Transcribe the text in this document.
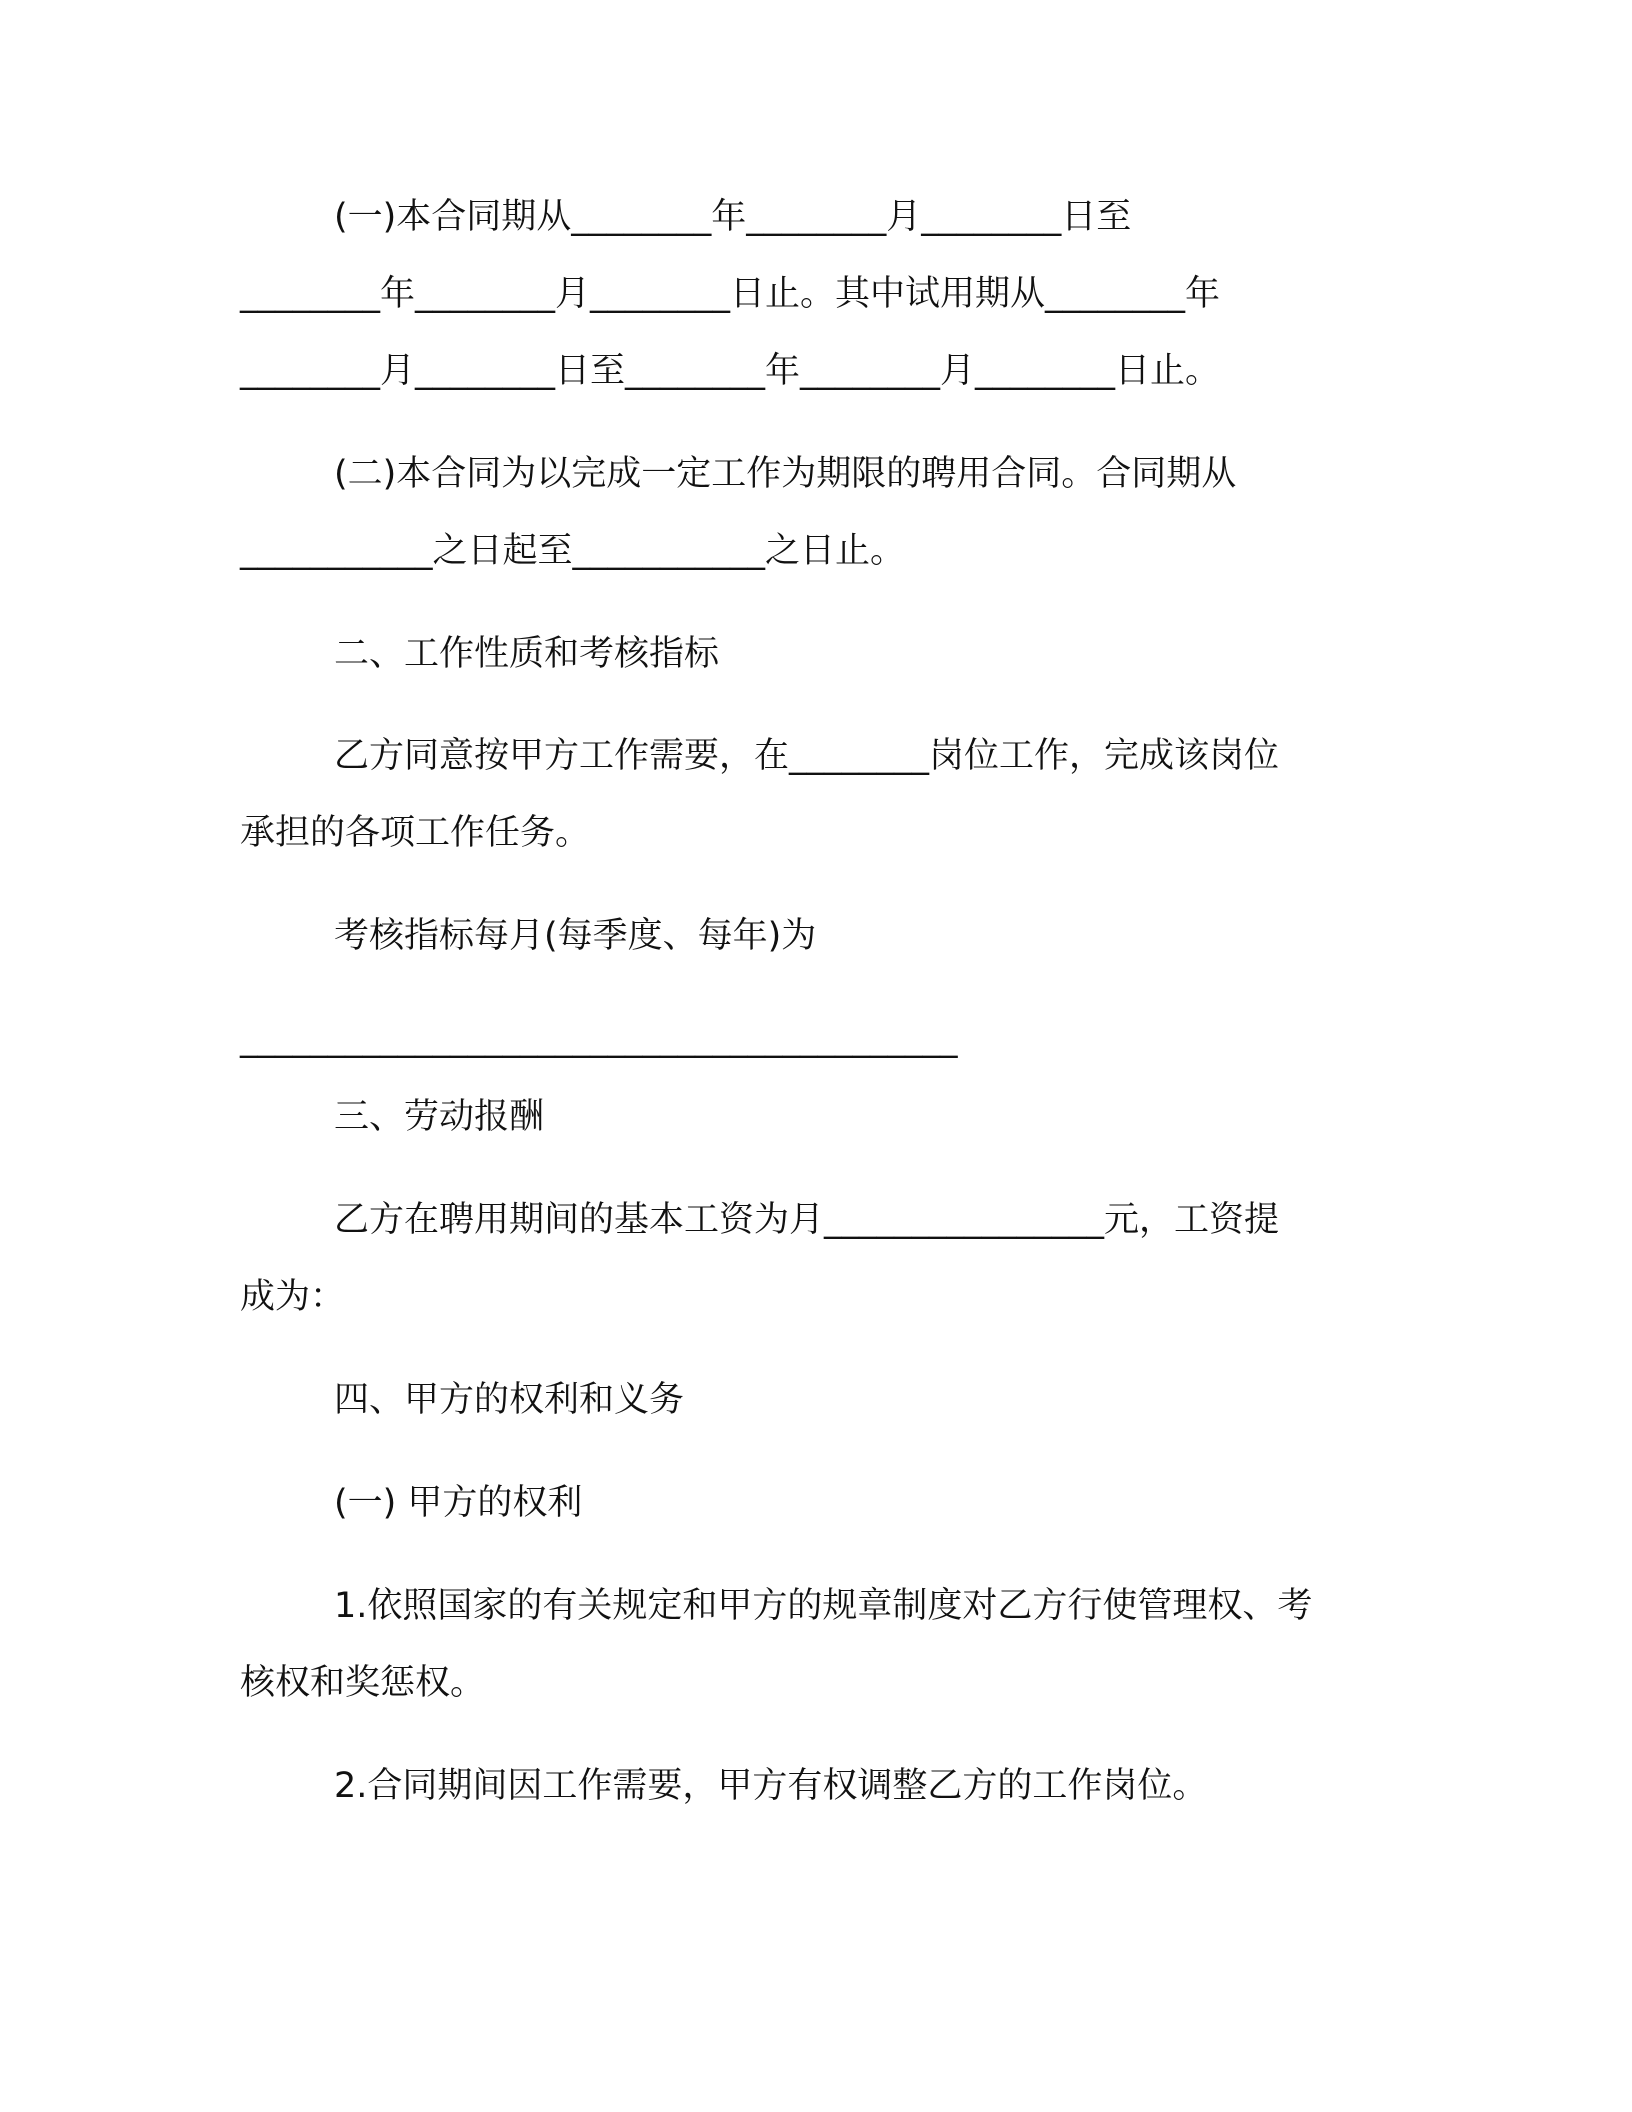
(一)本合同期从________年________月________日至
________年________月________日止。其中试用期从________年
________月________日至________年________月________日止。
(二)本合同为以完成一定工作为期限的聘用合同。合同期从
___________之日起至___________之日止。
二、工作性质和考核指标
乙方同意按甲方工作需要，在________岗位工作，完成该岗位
承担的各项工作任务。
考核指标每月(每季度、每年)为
_________________________________________
三、劳动报酬
乙方在聘用期间的基本工资为月________________元，工资提
成为：
四、甲方的权利和义务
(一) 甲方的权利
1.依照国家的有关规定和甲方的规章制度对乙方行使管理权、考
核权和奖惩权。
2.合同期间因工作需要，甲方有权调整乙方的工作岗位。
